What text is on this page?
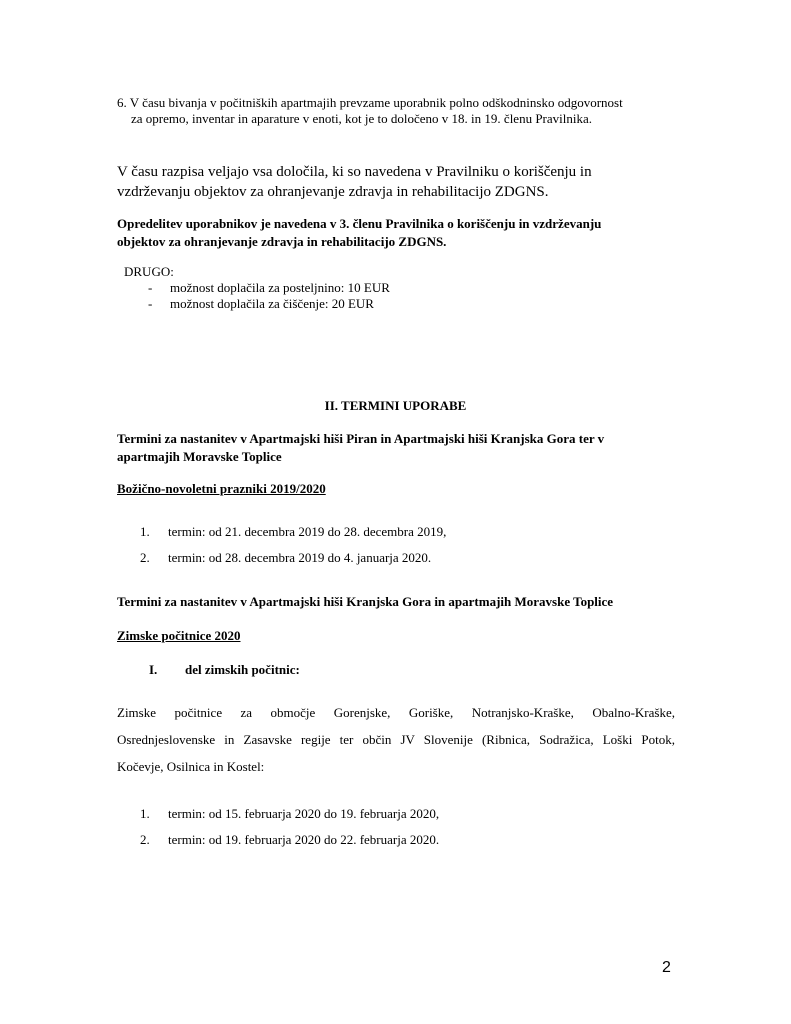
6. V času bivanja v počitniških apartmajih prevzame uporabnik polno odškodninsko odgovornost
za opremo, inventar in aparature v enoti, kot je to določeno v 18. in 19. členu Pravilnika.

V času razpisa veljajo vsa določila, ki so navedena v Pravilniku o koriščenju in
vzdrževanju objektov za ohranjevanje zdravja in rehabilitacijo ZDGNS.

Opredelitev uporabnikov je navedena v 3. členu Pravilnika o koriščenju in vzdrževanju
objektov za ohranjevanje zdravja in rehabilitacijo ZDGNS.

DRUGO:
- možnost doplačila za posteljnino: 10 EUR
- možnost doplačila za čiščenje: 20 EUR
II. TERMINI UPORABE

Termini za nastanitev v Apartmajski hiši Piran in Apartmajski hiši Kranjska Gora ter v
apartmajih Moravske Toplice

Božično-novoletni prazniki 2019/2020
1. termin: od 21. decembra 2019 do 28. decembra 2019,
2. termin: od 28. decembra 2019 do 4. januarja 2020.
Termini za nastanitev v Apartmajski hiši Kranjska Gora in apartmajih Moravske Toplice
Zimske počitnice 2020
I. del zimskih počitnic:
Zimske počitnice za območje Gorenjske, Goriške, Notranjsko-Kraške, Obalno-Kraške,
Osrednjeslovenske in Zasavske regije ter občin JV Slovenije (Ribnica, Sodražica, Loški Potok,
Kočevje, Osilnica in Kostel:
1. termin: od 15. februarja 2020 do 19. februarja 2020,
2. termin: od 19. februarja 2020 do 22. februarja 2020.
2
